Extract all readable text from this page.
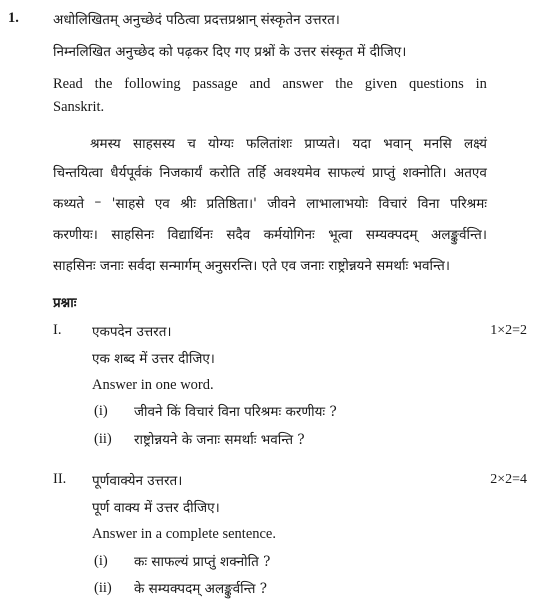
1.	अधोलिखितम् अनुच्छेदं पठित्वा प्रदत्तप्रश्नान् संस्कृतेन उत्तरत।
निम्नलिखित अनुच्छेद को पढ़कर दिए गए प्रश्नों के उत्तर संस्कृत में दीजिए।
Read the following passage and answer the given questions in
Sanskrit.
श्रमस्य साहसस्य च योग्यः फलितांशः प्राप्यते। यदा भवान् मनसि लक्ष्यं
चिन्तयित्वा धैर्यपूर्वकं निजकार्यं करोति तर्हि अवश्यमेव साफल्यं प्राप्तुं शक्नोति। अतएव
कथ्यते – 'साहसे एव श्रीः प्रतिष्ठिता।' जीवने लाभालाभयोः विचारं विना परिश्रमः
करणीयः। साहसिनः विद्यार्थिनः सदैव कर्मयोगिनः भूत्वा सम्यक्पदम् अलङ्कुर्वन्ति।
साहसिनः जनाः सर्वदा सन्मार्गम् अनुसरन्ति। एते एव जनाः राष्ट्रोन्नयने समर्थाः भवन्ति।
प्रश्नाः
I. एकपदेन उत्तरत।	1×2=2
एक शब्द में उत्तर दीजिए।
Answer in one word.
(i) जीवने किं विचारं विना परिश्रमः करणीयः ?
(ii) राष्ट्रोन्नयने के जनाः समर्थाः भवन्ति ?
II. पूर्णवाक्येन उत्तरत।	2×2=4
पूर्ण वाक्य में उत्तर दीजिए।
Answer in a complete sentence.
(i) कः साफल्यं प्राप्तुं शक्नोति ?
(ii) के सम्यक्पदम् अलङ्कुर्वन्ति ?
